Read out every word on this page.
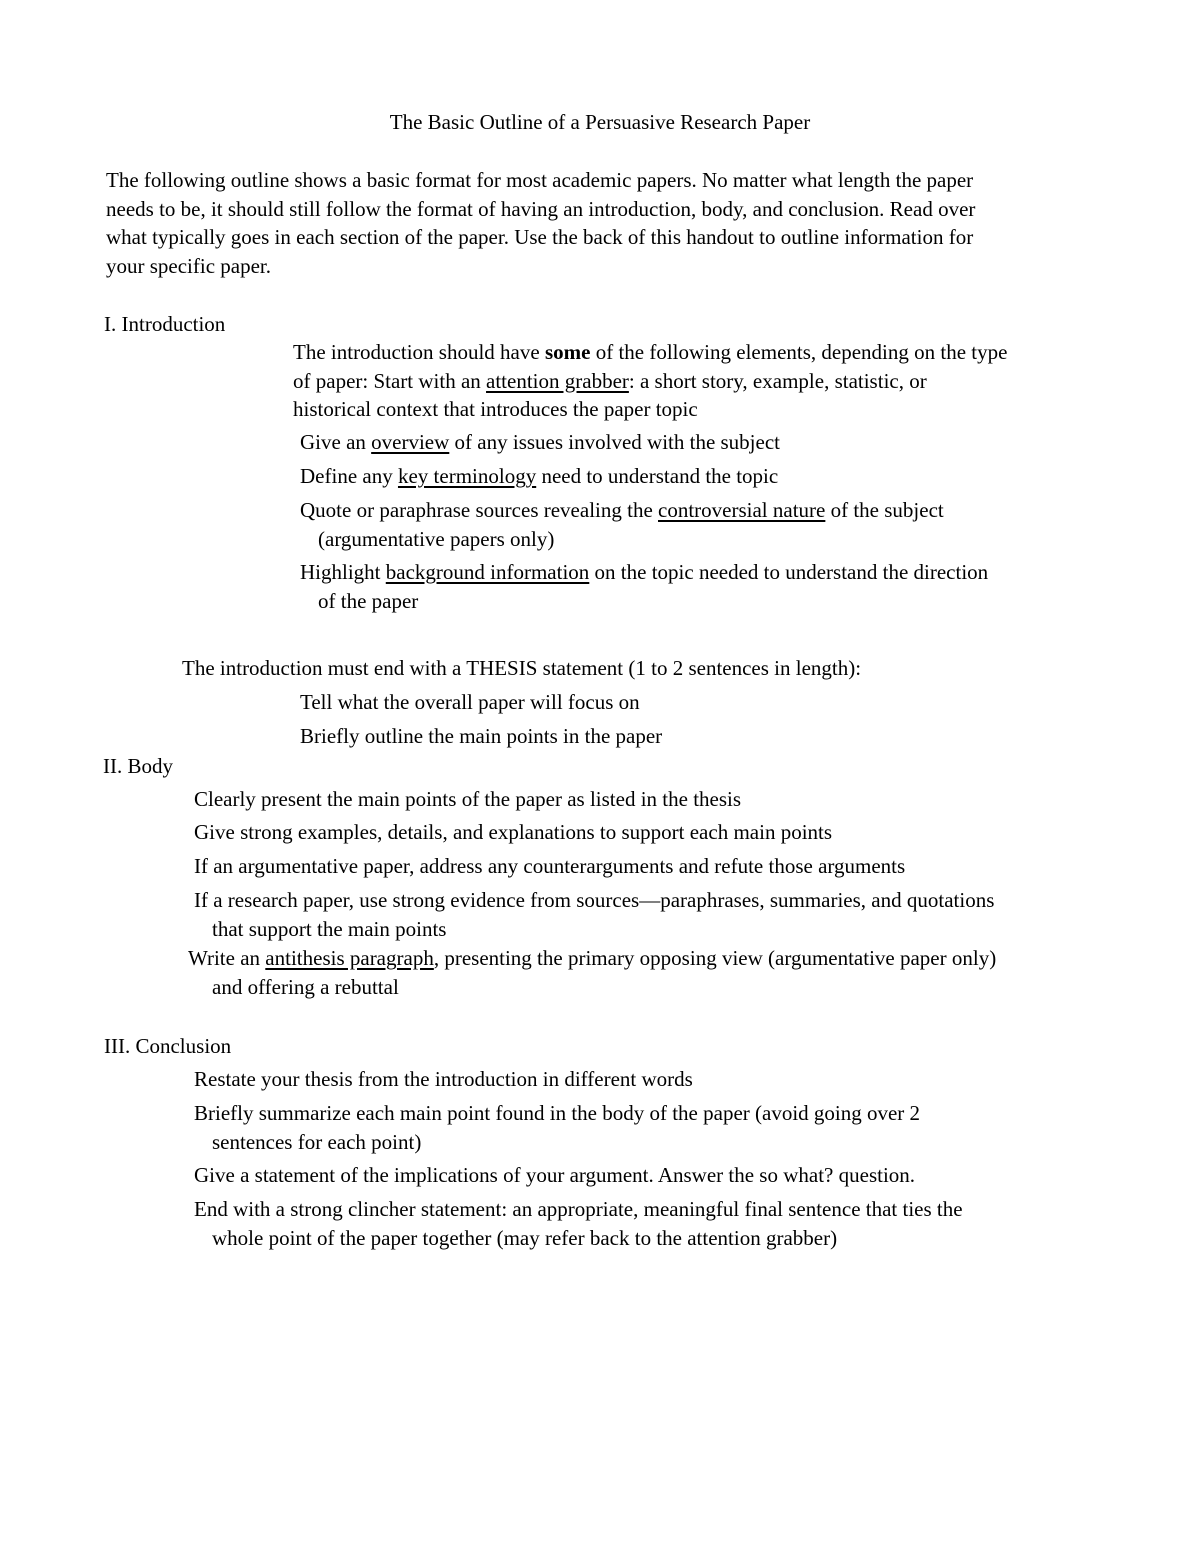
The Basic Outline of a Persuasive Research Paper
The following outline shows a basic format for most academic papers. No matter what length the paper
needs to be, it should still follow the format of having an introduction, body, and conclusion. Read over
what typically goes in each section of the paper. Use the back of this handout to outline information for
your specific paper.
I. Introduction
The introduction should have some of the following elements, depending on the type
of paper: Start with an attention grabber: a short story, example, statistic, or
historical context that introduces the paper topic
Give an overview of any issues involved with the subject
Define any key terminology need to understand the topic
Quote or paraphrase sources revealing the controversial nature of the subject
(argumentative papers only)
Highlight background information on the topic needed to understand the direction
of the paper
The introduction must end with a THESIS statement (1 to 2 sentences in length):
Tell what the overall paper will focus on
Briefly outline the main points in the paper
II. Body
Clearly present the main points of the paper as listed in the thesis
Give strong examples, details, and explanations to support each main points
If an argumentative paper, address any counterarguments and refute those arguments
If a research paper, use strong evidence from sources—paraphrases, summaries, and quotations
that support the main points
Write an antithesis paragraph, presenting the primary opposing view (argumentative paper only)
and offering a rebuttal
III. Conclusion
Restate your thesis from the introduction in different words
Briefly summarize each main point found in the body of the paper (avoid going over 2
sentences for each point)
Give a statement of the implications of your argument. Answer the so what? question.
End with a strong clincher statement: an appropriate, meaningful final sentence that ties the
whole point of the paper together (may refer back to the attention grabber)
